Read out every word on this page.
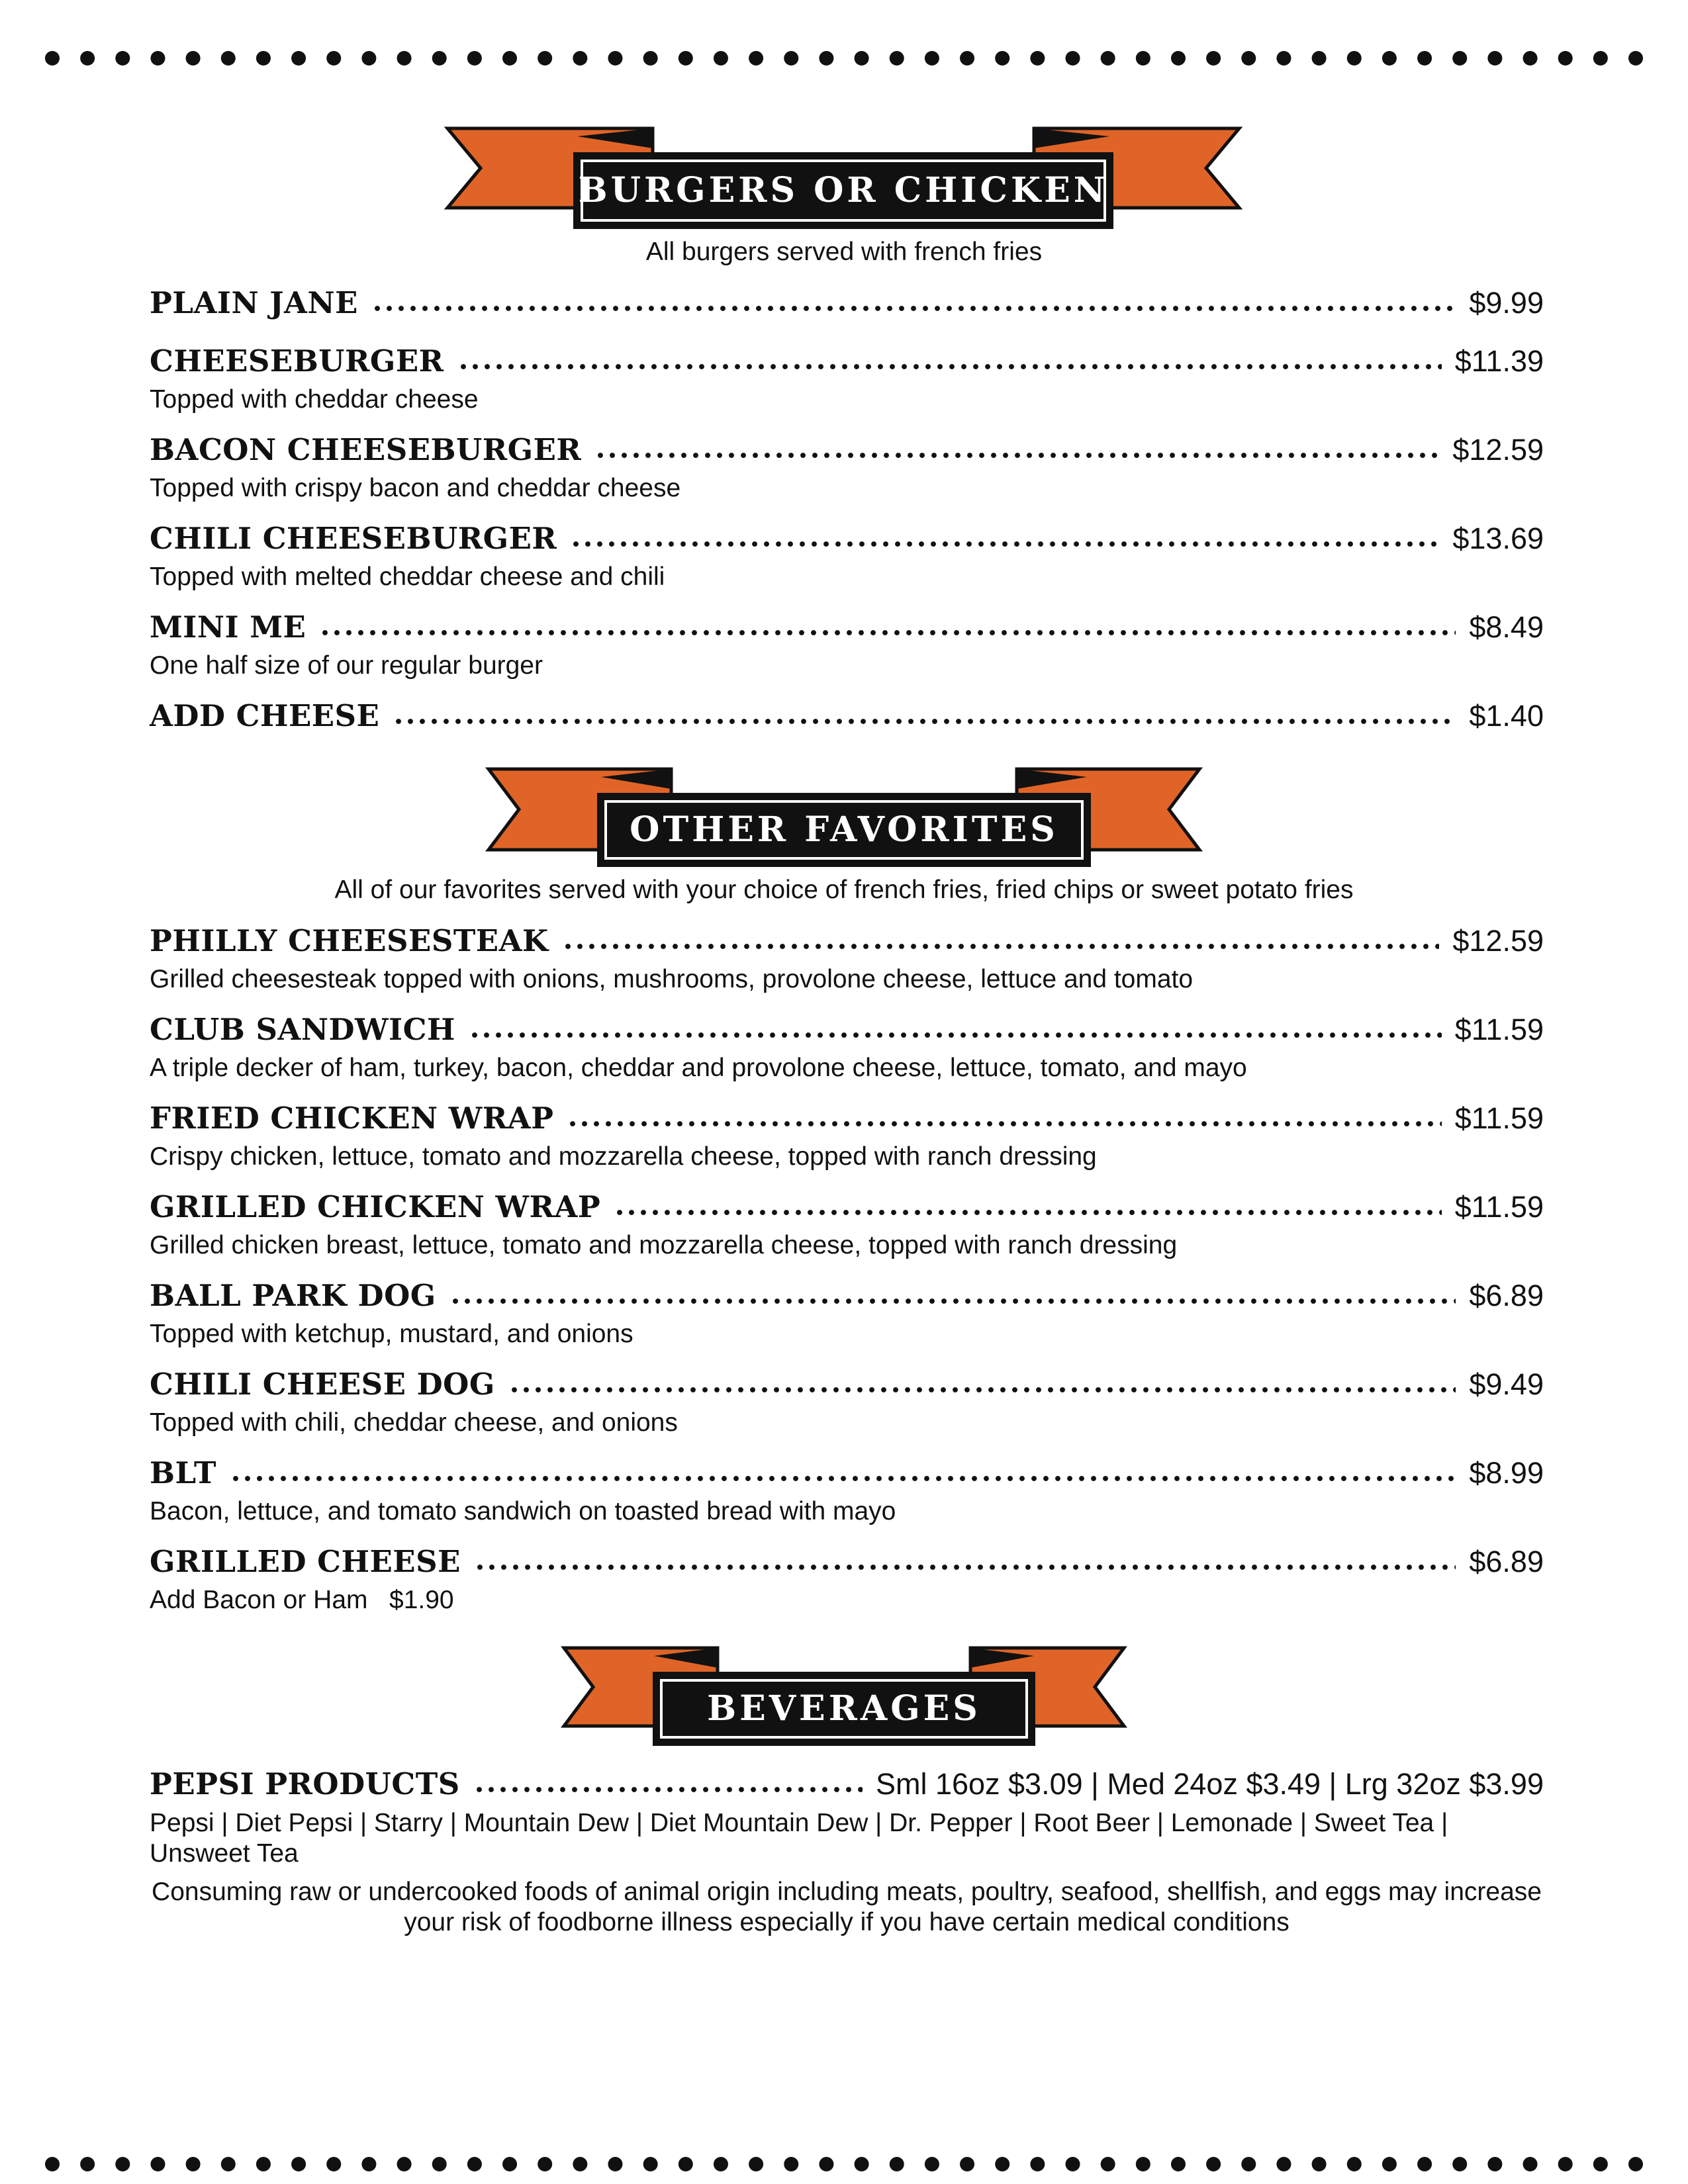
BURGERS OR CHICKEN
All burgers served with french fries
PLAIN JANE	$9.99
CHEESEBURGER	$11.39
Topped with cheddar cheese
BACON CHEESEBURGER	$12.59
Topped with crispy bacon and cheddar cheese
CHILI CHEESEBURGER	$13.69
Topped with melted cheddar cheese and chili
MINI ME	$8.49
One half size of our regular burger
ADD CHEESE	$1.40
OTHER FAVORITES
All of our favorites served with your choice of french fries, fried chips or sweet potato fries
PHILLY CHEESESTEAK	$12.59
Grilled cheesesteak topped with onions, mushrooms, provolone cheese, lettuce and tomato
CLUB SANDWICH	$11.59
A triple decker of ham, turkey, bacon, cheddar and provolone cheese, lettuce, tomato, and mayo
FRIED CHICKEN WRAP	$11.59
Crispy chicken, lettuce, tomato and mozzarella cheese, topped with ranch dressing
GRILLED CHICKEN WRAP	$11.59
Grilled chicken breast, lettuce, tomato and mozzarella cheese, topped with ranch dressing
BALL PARK DOG	$6.89
Topped with ketchup, mustard, and onions
CHILI CHEESE DOG	$9.49
Topped with chili, cheddar cheese, and onions
BLT	$8.99
Bacon, lettuce, and tomato sandwich on toasted bread with mayo
GRILLED CHEESE	$6.89
Add Bacon or Ham   $1.90
BEVERAGES
PEPSI PRODUCTS	Sml 16oz $3.09 | Med 24oz $3.49 | Lrg 32oz $3.99
Pepsi | Diet Pepsi | Starry | Mountain Dew | Diet Mountain Dew | Dr. Pepper | Root Beer | Lemonade | Sweet Tea | Unsweet Tea
Consuming raw or undercooked foods of animal origin including meats, poultry, seafood, shellfish, and eggs may increase your risk of foodborne illness especially if you have certain medical conditions
